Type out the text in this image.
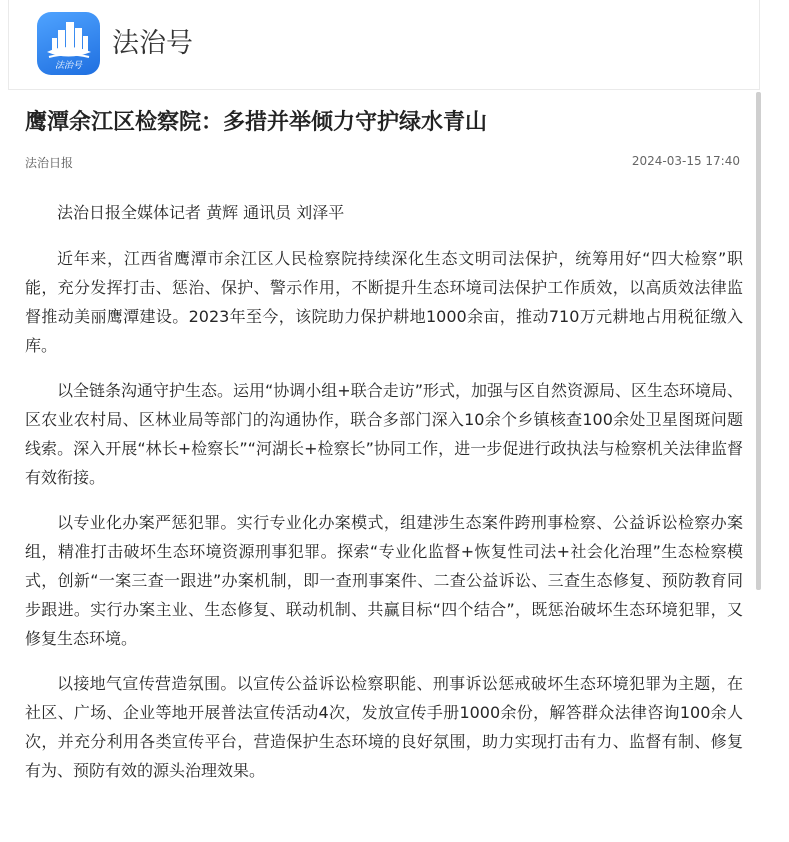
法治号
法治号
鹰潭余江区检察院：多措并举倾力守护绿水青山
法治日报	2024-03-15 17:40

法治日报全媒体记者 黄辉 通讯员 刘泽平

近年来，江西省鹰潭市余江区人民检察院持续深化生态文明司法保护，统筹用好“四大检察”职能，充分发挥打击、惩治、保护、警示作用，不断提升生态环境司法保护工作质效，以高质效法律监督推动美丽鹰潭建设。2023年至今，该院助力保护耕地1000余亩，推动710万元耕地占用税征缴入库。

以全链条沟通守护生态。运用“协调小组+联合走访”形式，加强与区自然资源局、区生态环境局、区农业农村局、区林业局等部门的沟通协作，联合多部门深入10余个乡镇核查100余处卫星图斑问题线索。深入开展“林长+检察长”“河湖长+检察长”协同工作，进一步促进行政执法与检察机关法律监督有效衔接。

以专业化办案严惩犯罪。实行专业化办案模式，组建涉生态案件跨刑事检察、公益诉讼检察办案组，精准打击破坏生态环境资源刑事犯罪。探索“专业化监督+恢复性司法+社会化治理”生态检察模式，创新“一案三查一跟进”办案机制，即一查刑事案件、二查公益诉讼、三查生态修复、预防教育同步跟进。实行办案主业、生态修复、联动机制、共赢目标“四个结合”，既惩治破坏生态环境犯罪，又修复生态环境。

以接地气宣传营造氛围。以宣传公益诉讼检察职能、刑事诉讼惩戒破坏生态环境犯罪为主题，在社区、广场、企业等地开展普法宣传活动4次，发放宣传手册1000余份，解答群众法律咨询100余人次，并充分利用各类宣传平台，营造保护生态环境的良好氛围，助力实现打击有力、监督有制、修复有为、预防有效的源头治理效果。
